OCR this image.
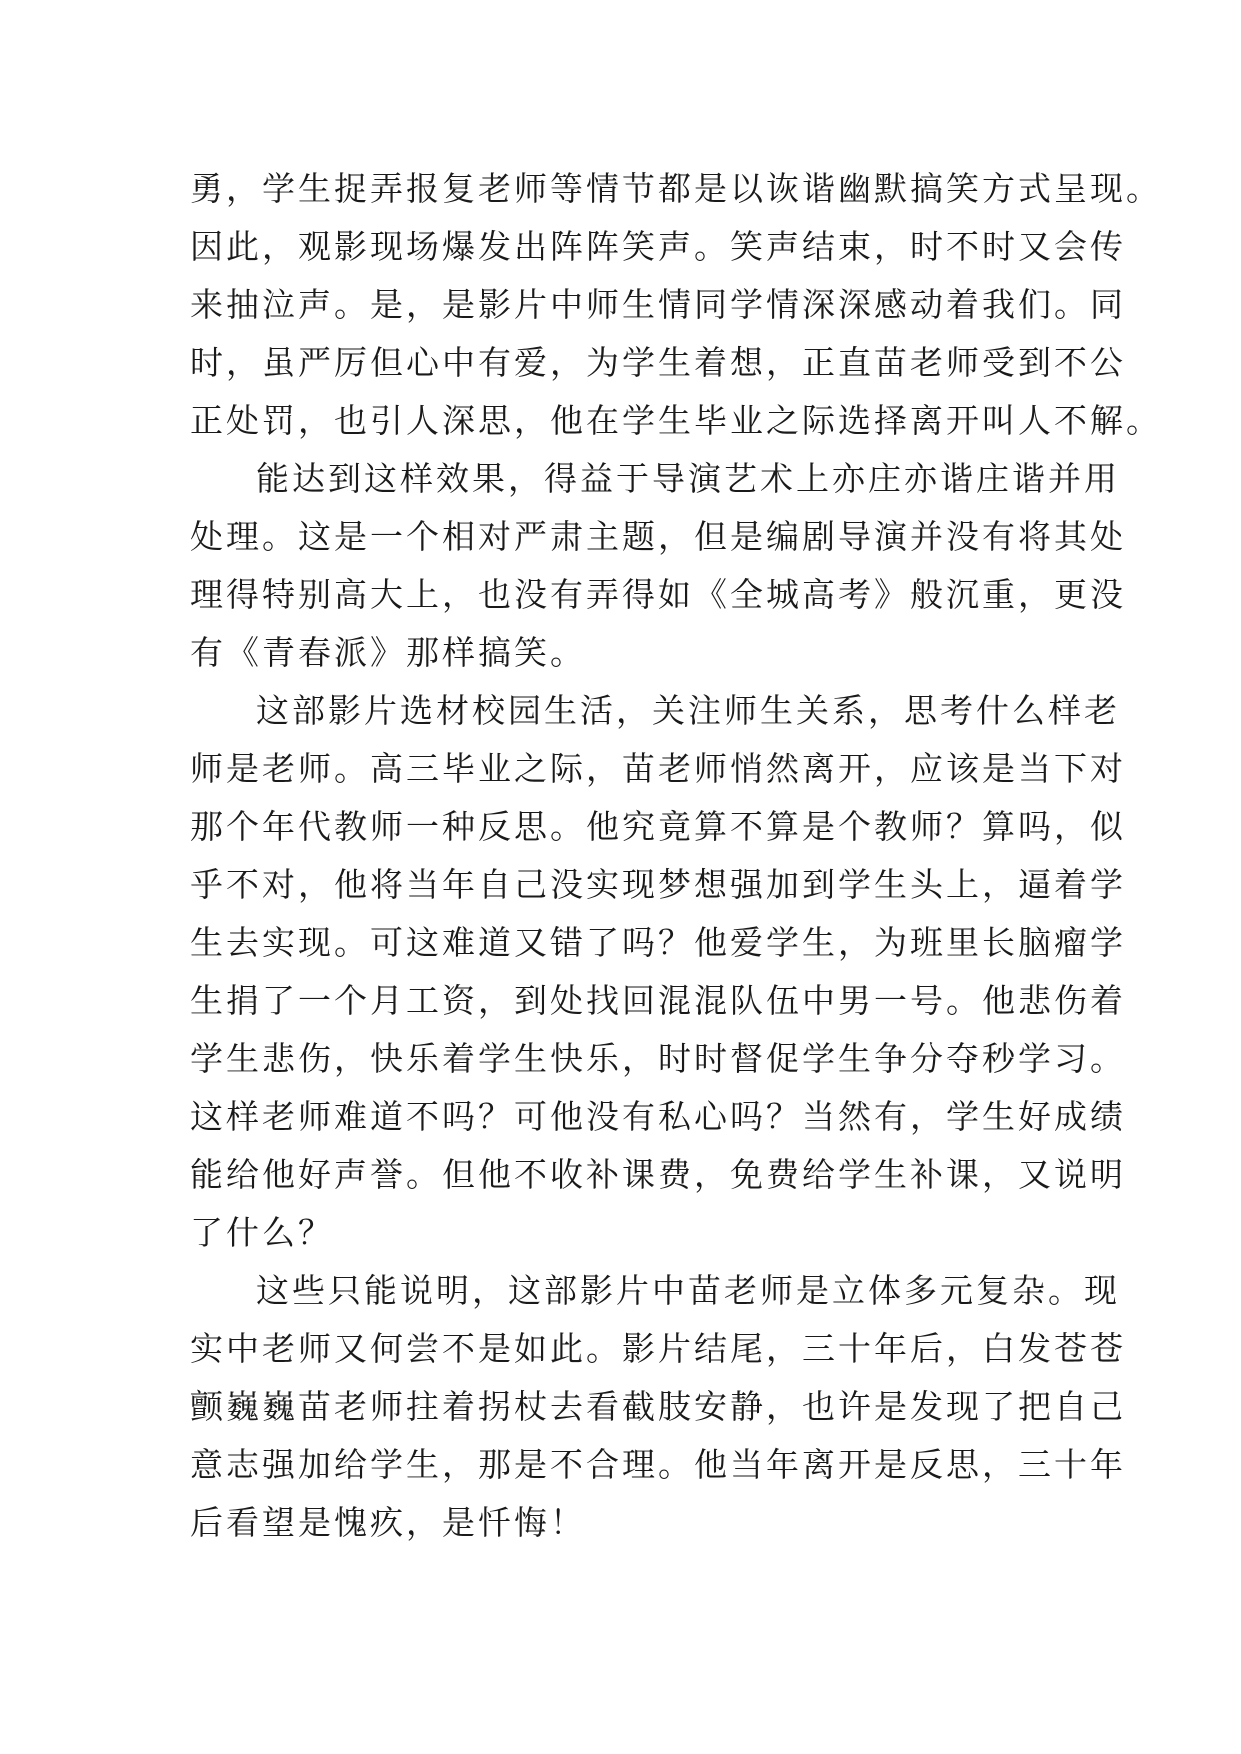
勇，学生捉弄报复老师等情节都是以诙谐幽默搞笑方式呈现。
因此，观影现场爆发出阵阵笑声。笑声结束，时不时又会传
来抽泣声。是，是影片中师生情同学情深深感动着我们。同
时，虽严厉但心中有爱，为学生着想，正直苗老师受到不公
正处罚，也引人深思，他在学生毕业之际选择离开叫人不解。
能达到这样效果，得益于导演艺术上亦庄亦谐庄谐并用
处理。这是一个相对严肃主题，但是编剧导演并没有将其处
理得特别高大上，也没有弄得如《全城高考》般沉重，更没
有《青春派》那样搞笑。
这部影片选材校园生活，关注师生关系，思考什么样老
师是老师。高三毕业之际，苗老师悄然离开，应该是当下对
那个年代教师一种反思。他究竟算不算是个教师？算吗，似
乎不对，他将当年自己没实现梦想强加到学生头上，逼着学
生去实现。可这难道又错了吗？他爱学生，为班里长脑瘤学
生捐了一个月工资，到处找回混混队伍中男一号。他悲伤着
学生悲伤，快乐着学生快乐，时时督促学生争分夺秒学习。
这样老师难道不吗？可他没有私心吗？当然有，学生好成绩
能给他好声誉。但他不收补课费，免费给学生补课，又说明
了什么？
这些只能说明，这部影片中苗老师是立体多元复杂。现
实中老师又何尝不是如此。影片结尾，三十年后，白发苍苍
颤巍巍苗老师拄着拐杖去看截肢安静，也许是发现了把自己
意志强加给学生，那是不合理。他当年离开是反思，三十年
后看望是愧疚，是忏悔！
